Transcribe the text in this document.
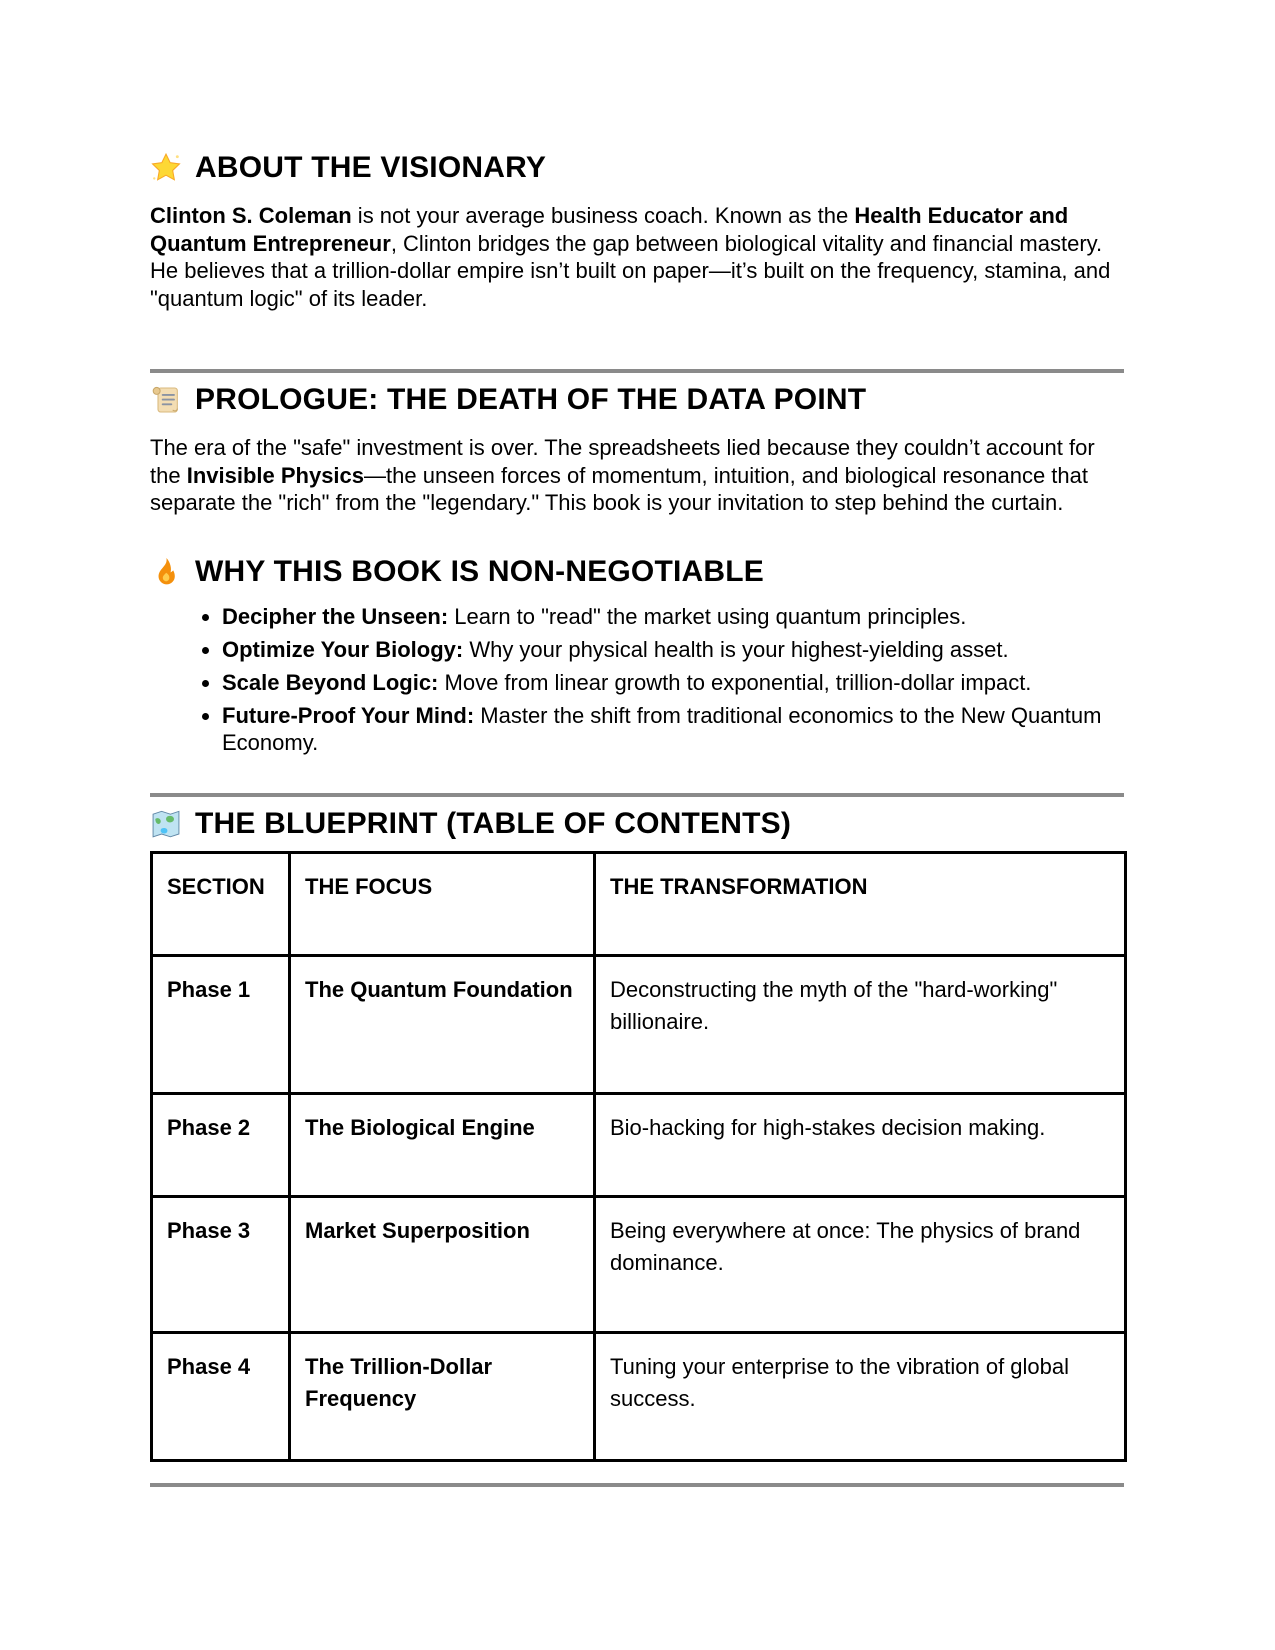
ABOUT THE VISIONARY

Clinton S. Coleman is not your average business coach. Known as the Health Educator and Quantum Entrepreneur, Clinton bridges the gap between biological vitality and financial mastery. He believes that a trillion-dollar empire isn’t built on paper—it’s built on the frequency, stamina, and "quantum logic" of its leader.

PROLOGUE: THE DEATH OF THE DATA POINT

The era of the "safe" investment is over. The spreadsheets lied because they couldn’t account for the Invisible Physics—the unseen forces of momentum, intuition, and biological resonance that separate the "rich" from the "legendary." This book is your invitation to step behind the curtain.

WHY THIS BOOK IS NON-NEGOTIABLE
• Decipher the Unseen: Learn to "read" the market using quantum principles.
• Optimize Your Biology: Why your physical health is your highest-yielding asset.
• Scale Beyond Logic: Move from linear growth to exponential, trillion-dollar impact.
• Future-Proof Your Mind: Master the shift from traditional economics to the New Quantum Economy.
THE BLUEPRINT (TABLE OF CONTENTS)
SECTION	THE FOCUS	THE TRANSFORMATION
Phase 1	The Quantum Foundation	Deconstructing the myth of the "hard-working" billionaire.
Phase 2	The Biological Engine	Bio-hacking for high-stakes decision making.
Phase 3	Market Superposition	Being everywhere at once: The physics of brand dominance.
Phase 4	The Trillion-Dollar Frequency	Tuning your enterprise to the vibration of global success.
